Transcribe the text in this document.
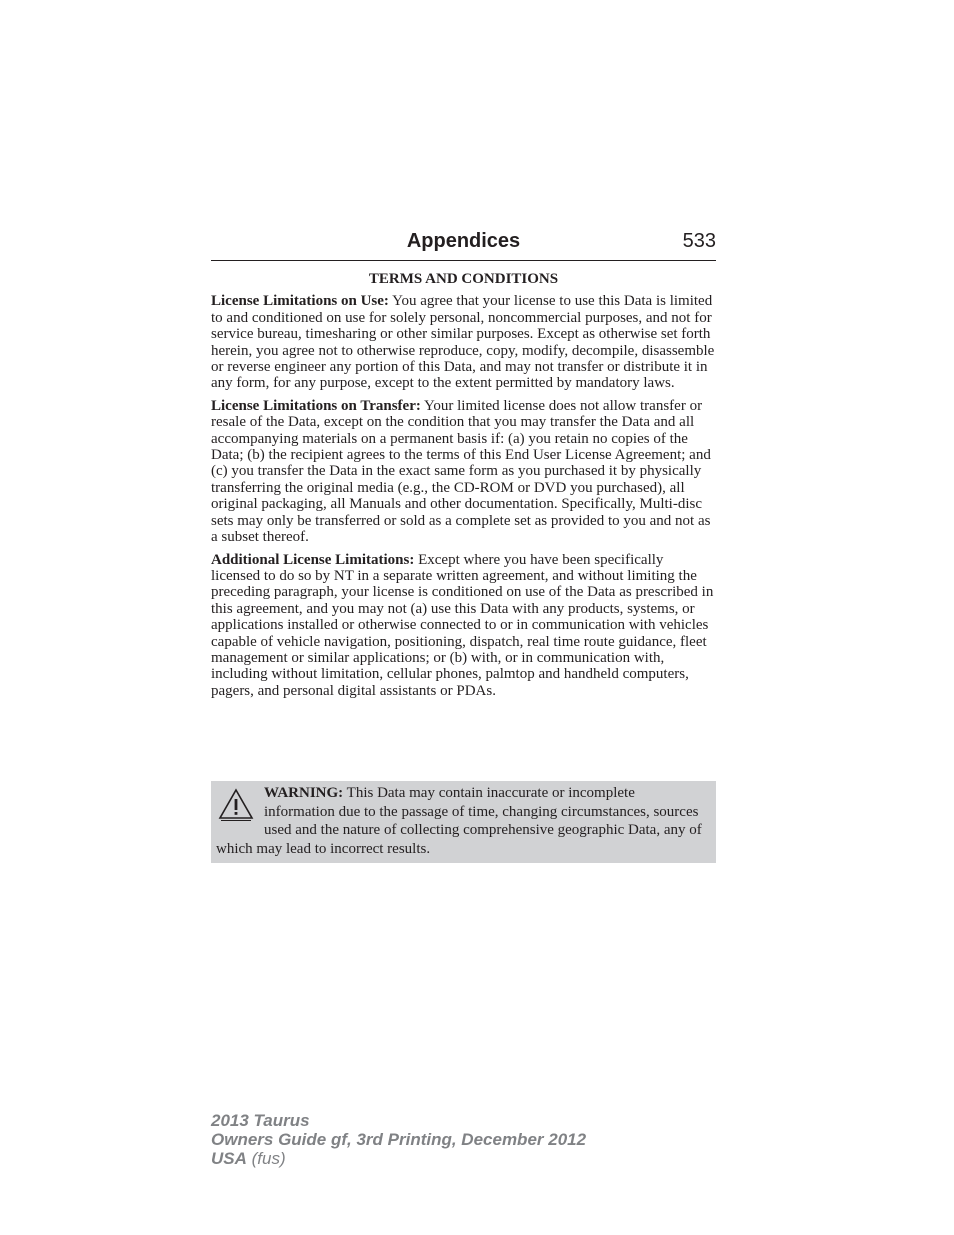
Appendices	533
TERMS AND CONDITIONS

License Limitations on Use: You agree that your license to use this Data is limited to and conditioned on use for solely personal, noncommercial purposes, and not for service bureau, timesharing or other similar purposes. Except as otherwise set forth herein, you agree not to otherwise reproduce, copy, modify, decompile, disassemble or reverse engineer any portion of this Data, and may not transfer or distribute it in any form, for any purpose, except to the extent permitted by mandatory laws.

License Limitations on Transfer: Your limited license does not allow transfer or resale of the Data, except on the condition that you may transfer the Data and all accompanying materials on a permanent basis if: (a) you retain no copies of the Data; (b) the recipient agrees to the terms of this End User License Agreement; and (c) you transfer the Data in the exact same form as you purchased it by physically transferring the original media (e.g., the CD-ROM or DVD you purchased), all original packaging, all Manuals and other documentation. Specifically, Multi-disc sets may only be transferred or sold as a complete set as provided to you and not as a subset thereof.

Additional License Limitations: Except where you have been specifically licensed to do so by NT in a separate written agreement, and without limiting the preceding paragraph, your license is conditioned on use of the Data as prescribed in this agreement, and you may not (a) use this Data with any products, systems, or applications installed or otherwise connected to or in communication with vehicles capable of vehicle navigation, positioning, dispatch, real time route guidance, fleet management or similar applications; or (b) with, or in communication with, including without limitation, cellular phones, palmtop and handheld computers, pagers, and personal digital assistants or PDAs.

WARNING: This Data may contain inaccurate or incomplete information due to the passage of time, changing circumstances, sources used and the nature of collecting comprehensive geographic Data, any of which may lead to incorrect results.
2013 Taurus
Owners Guide gf, 3rd Printing, December 2012
USA (fus)
